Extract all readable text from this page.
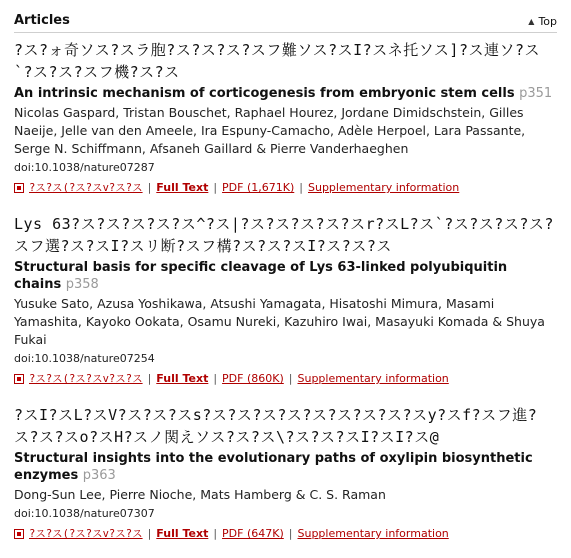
Articles	▲ Top
?ス?ォ奇ソス?スラ胞?ス?ス?ス?スフ難ソス?スI?スネ托ソス]?ス連ソ?ス`?ス?ス?スフ機?ス?ス
An intrinsic mechanism of corticogenesis from embryonic stem cells p351
Nicolas Gaspard, Tristan Bouschet, Raphael Hourez, Jordane Dimidschstein, Gilles Naeije, Jelle van den Ameele, Ira Espuny-Camacho, Adèle Herpoel, Lara Passante, Serge N. Schiffmann, Afsaneh Gaillard & Pierre Vanderhaeghen
doi:10.1038/nature07287
?ス?ス(?ス?スv?ス?ス | Full Text | PDF (1,671K) | Supplementary information
Lys 63?ス?ス?ス?ス?ス^?ス|?ス?ス?ス?ス?スr?スL?ス`?ス?ス?ス?ス?スフ選?ス?スI?スリ断?スフ構?ス?ス?スI?ス?ス?ス
Structural basis for specific cleavage of Lys 63-linked polyubiquitin chains p358
Yusuke Sato, Azusa Yoshikawa, Atsushi Yamagata, Hisatoshi Mimura, Masami Yamashita, Kayoko Ookata, Osamu Nureki, Kazuhiro Iwai, Masayuki Komada & Shuya Fukai
doi:10.1038/nature07254
?ス?ス(?ス?スv?ス?ス | Full Text | PDF (860K) | Supplementary information
?スI?スL?スV?ス?ス?スs?ス?ス?ス?ス?ス?ス?ス?ス?スy?スf?スフ進?ス?ス?スo?スH?スノ関えソス?ス?ス\?ス?ス?スI?スI?ス@
Structural insights into the evolutionary paths of oxylipin biosynthetic enzymes p363
Dong-Sun Lee, Pierre Nioche, Mats Hamberg & C. S. Raman
doi:10.1038/nature07307
?ス?ス(?ス?スv?ス?ス | Full Text | PDF (647K) | Supplementary information
